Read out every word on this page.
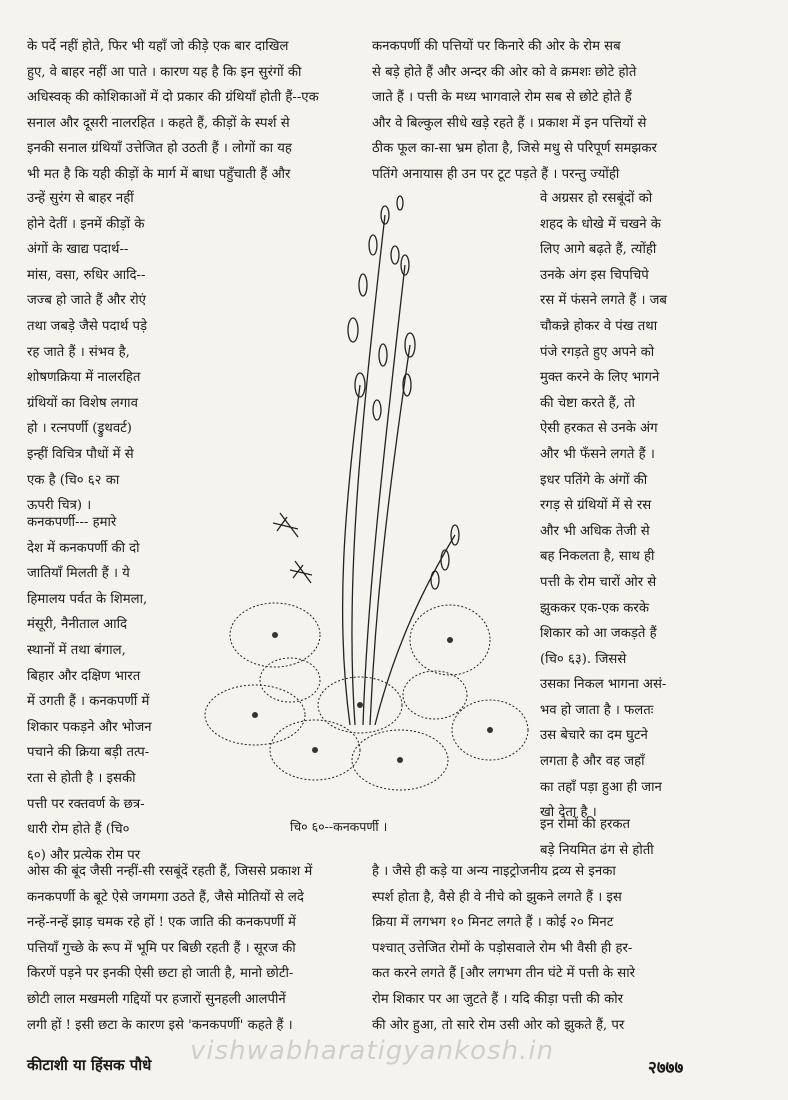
के पर्दे नहीं होते, फिर भी यहाँ जो कीड़े एक बार दाखिल
हुए, वे बाहर नहीं आ पाते । कारण यह है कि इन सुरंगों की
अधिस्वक् की कोशिकाओं में दो प्रकार की ग्रंथियाँ होती हैं--एक
सनाल और दूसरी नालरहित । कहते हैं, कीड़ों के स्पर्श से
इनकी सनाल ग्रंथियाँ उत्तेजित हो उठती हैं । लोगों का यह
भी मत है कि यही कीड़ों के मार्ग में बाधा पहुँचाती हैं और
उन्हें सुरंग से बाहर नहीं
होने देतीं । इनमें कीड़ों के
अंगों के खाद्य पदार्थ--
मांस, वसा, रुधिर आदि--
जज्ब हो जाते हैं और रोएं
तथा जबड़े जैसे पदार्थ पड़े
रह जाते हैं । संभव है,
शोषणक्रिया में नालरहित
ग्रंथियों का विशेष लगाव
हो । रत्नपर्णी (ड्रुथवर्ट)
इन्हीं विचित्र पौधों में से
एक है (चि० ६२ का
ऊपरी चित्र) ।
कनकपर्णी--- हमारे
देश में कनकपर्णी की दो
जातियाँ मिलती हैं । ये
हिमालय पर्वत के शिमला,
मंसूरी, नैनीताल आदि
स्थानों में तथा बंगाल,
बिहार और दक्षिण भारत
में उगती हैं । कनकपर्णी में
शिकार पकड़ने और भोजन
पचाने की क्रिया बड़ी तत्प-
रता से होती है । इसकी
पत्ती पर रक्तवर्ण के छत्र-
धारी रोम होते हैं (चि०
६०) और प्रत्येक रोम पर
ओस की बूंद जैसी नन्हीं-सी रसबूंदें रहती हैं, जिससे प्रकाश में
कनकपर्णी के बूटे ऐसे जगमगा उठते हैं, जैसे मोतियों से लदे
नन्हें-नन्हें झाड़ चमक रहे हों ! एक जाति की कनकपर्णी में
पत्तियाँ गुच्छे के रूप में भूमि पर बिछी रहती हैं । सूरज की
किरणें पड़ने पर इनकी ऐसी छटा हो जाती है, मानो छोटी-
छोटी लाल मखमली गद्दियों पर हजारों सुनहली आलपीनें
लगी हों ! इसी छटा के कारण इसे 'कनकपर्णी' कहते हैं ।
कनकपर्णी की पत्तियों पर किनारे की ओर के रोम सब
से बड़े होते हैं और अन्दर की ओर को वे क्रमशः छोटे होते
जाते हैं । पत्ती के मध्य भागवाले रोम सब से छोटे होते हैं
और वे बिल्कुल सीधे खड़े रहते हैं । प्रकाश में इन पत्तियों से
ठीक फूल का-सा भ्रम होता है, जिसे मधु से परिपूर्ण समझकर
पतिंगे अनायास ही उन पर टूट पड़ते हैं । परन्तु ज्योंही
वे अग्रसर हो रसबूंदों को
शहद के धोखे में चखने के
लिए आगे बढ़ते हैं, त्योंही
उनके अंग इस चिपचिपे
रस में फंसने लगते हैं । जब
चौकन्ने होकर वे पंख तथा
पंजे रगड़ते हुए अपने को
मुक्त करने के लिए भागने
की चेष्टा करते हैं, तो
ऐसी हरकत से उनके अंग
और भी फँसने लगते हैं ।
इधर पतिंगे के अंगों की
रगड़ से ग्रंथियों में से रस
और भी अधिक तेजी से
बह निकलता है, साथ ही
पत्ती के रोम चारों ओर से
झुककर एक-एक करके
शिकार को आ जकड़ते हैं
(चि० ६३). जिससे
उसका निकल भागना असं-
भव हो जाता है । फलतः
उस बेचारे का दम घुटने
लगता है और वह जहाँ
का तहाँ पड़ा हुआ ही जान
खो देता है ।
इन रोमों की हरकत
बड़े नियमित ढंग से होती
है । जैसे ही कड़े या अन्य नाइट्रोजनीय द्रव्य से इनका
स्पर्श होता है, वैसे ही वे नीचे को झुकने लगते हैं । इस
क्रिया में लगभग १० मिनट लगते हैं । कोई २० मिनट
पश्चात् उत्तेजित रोमों के पड़ोसवाले रोम भी वैसी ही हर-
कत करने लगते हैं [और लगभग तीन घंटे में पत्ती के सारे
रोम शिकार पर आ जुटते हैं । यदि कीड़ा पत्ती की कोर
की ओर हुआ, तो सारे रोम उसी ओर को झुकते हैं, पर
चि० ६०--कनकपर्णी ।
vishwabharatigyankosh.in
कीटाशी या हिंसक पौधे	२७७७
